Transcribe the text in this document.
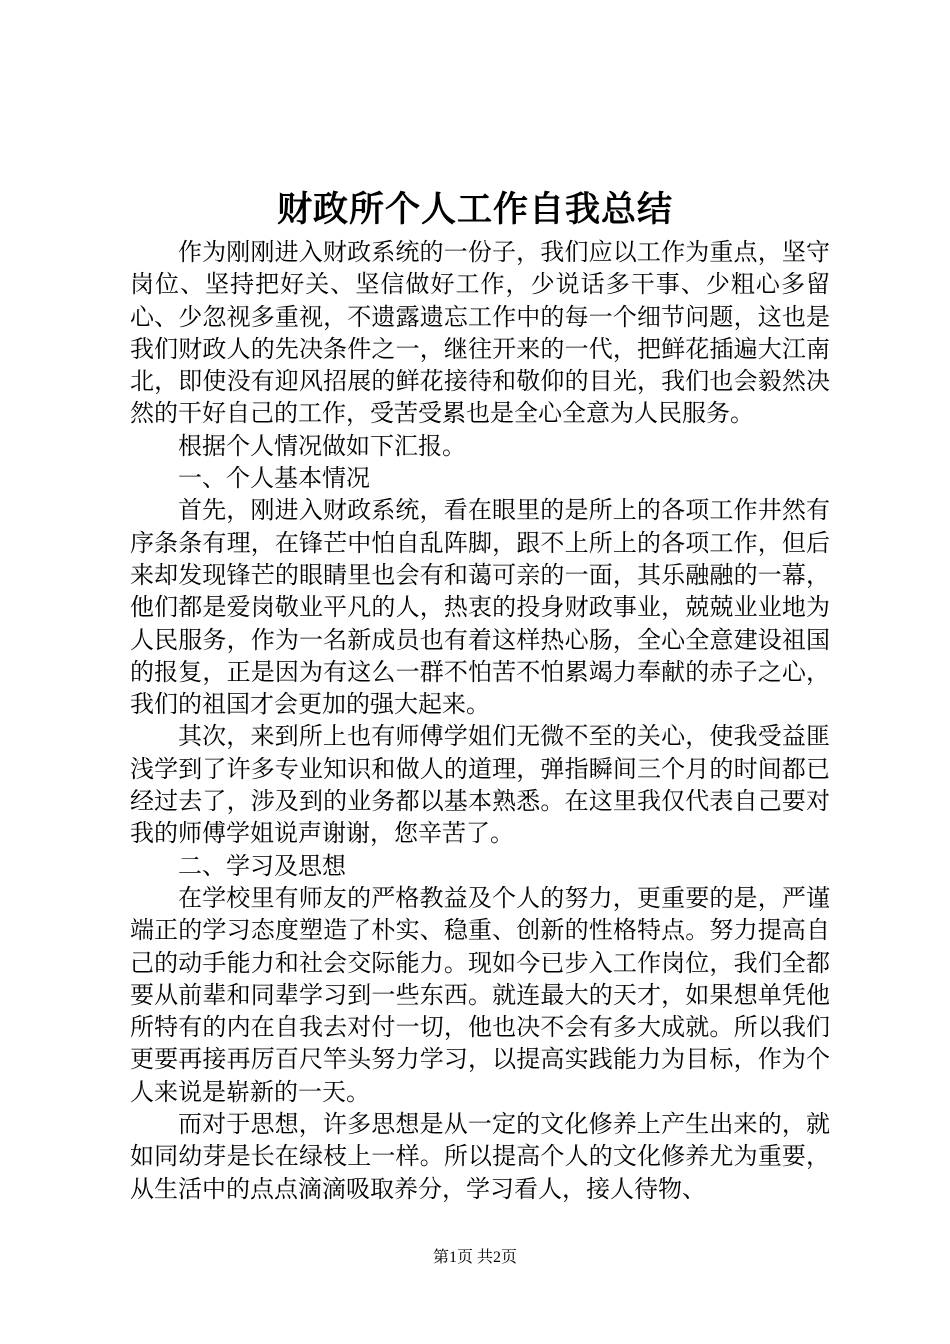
财政所个人工作自我总结

作为刚刚进入财政系统的一份子，我们应以工作为重点，坚守岗位、坚持把好关、坚信做好工作，少说话多干事、少粗心多留心、少忽视多重视，不遗露遗忘工作中的每一个细节问题，这也是我们财政人的先决条件之一，继往开来的一代，把鲜花插遍大江南北，即使没有迎风招展的鲜花接待和敬仰的目光，我们也会毅然决然的干好自己的工作，受苦受累也是全心全意为人民服务。

根据个人情况做如下汇报。

一、个人基本情况

首先，刚进入财政系统，看在眼里的是所上的各项工作井然有序条条有理，在锋芒中怕自乱阵脚，跟不上所上的各项工作，但后来却发现锋芒的眼睛里也会有和蔼可亲的一面，其乐融融的一幕，他们都是爱岗敬业平凡的人，热衷的投身财政事业，兢兢业业地为人民服务，作为一名新成员也有着这样热心肠，全心全意建设祖国的报复，正是因为有这么一群不怕苦不怕累竭力奉献的赤子之心，我们的祖国才会更加的强大起来。

其次，来到所上也有师傅学姐们无微不至的关心，使我受益匪浅学到了许多专业知识和做人的道理，弹指瞬间三个月的时间都已经过去了，涉及到的业务都以基本熟悉。在这里我仅代表自己要对我的师傅学姐说声谢谢，您辛苦了。

二、学习及思想

在学校里有师友的严格教益及个人的努力，更重要的是，严谨端正的学习态度塑造了朴实、稳重、创新的性格特点。努力提高自己的动手能力和社会交际能力。现如今已步入工作岗位，我们全都要从前辈和同辈学习到一些东西。就连最大的天才，如果想单凭他所特有的内在自我去对付一切，他也决不会有多大成就。所以我们更要再接再厉百尺竿头努力学习，以提高实践能力为目标，作为个人来说是崭新的一天。

而对于思想，许多思想是从一定的文化修养上产生出来的，就如同幼芽是长在绿枝上一样。所以提高个人的文化修养尤为重要，从生活中的点点滴滴吸取养分，学习看人，接人待物、

第1页 共2页
